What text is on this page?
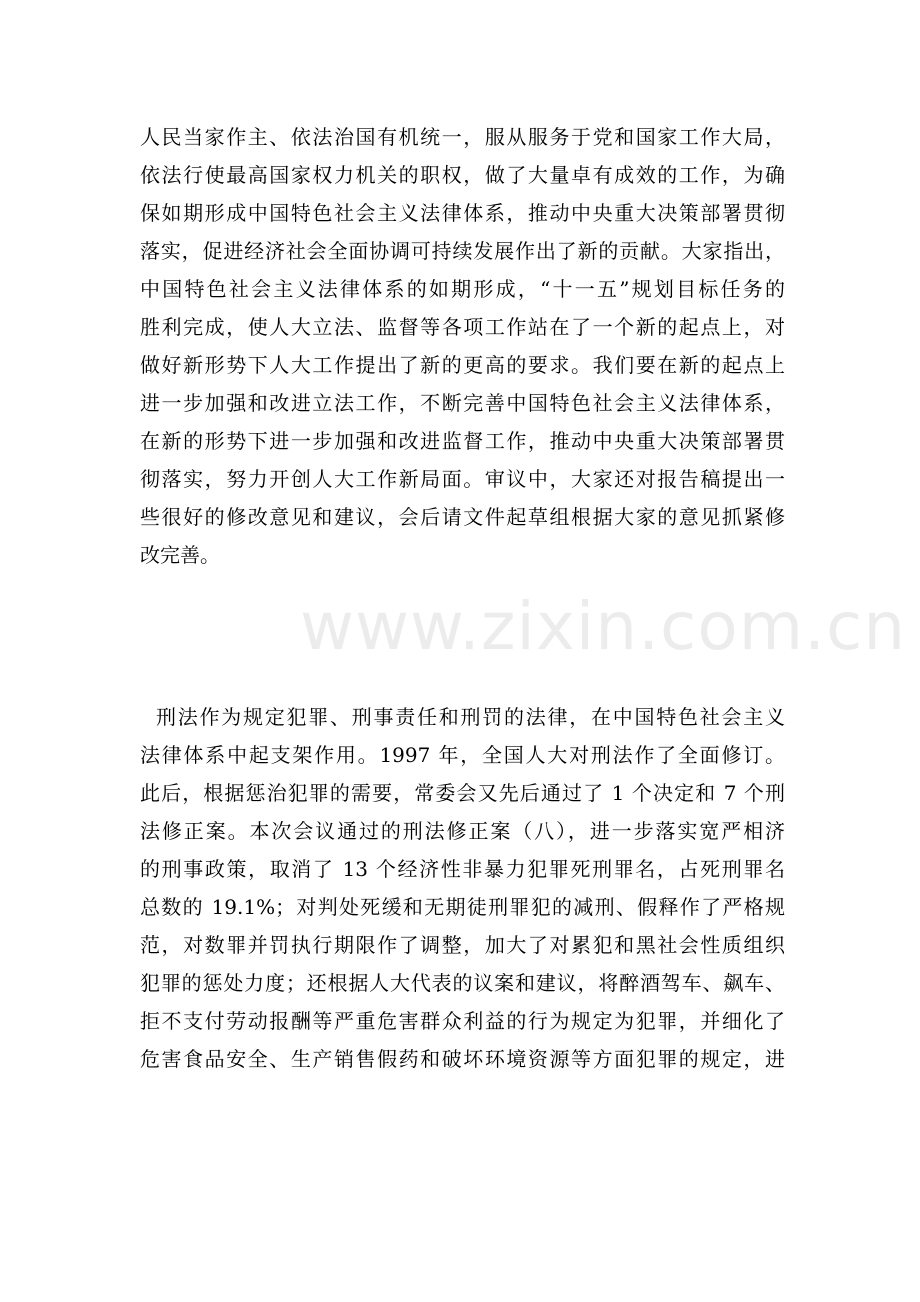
www.zixin.com.cn
人民当家作主、依法治国有机统一，服从服务于党和国家工作大局，
依法行使最高国家权力机关的职权，做了大量卓有成效的工作，为确
保如期形成中国特色社会主义法律体系，推动中央重大决策部署贯彻
落实，促进经济社会全面协调可持续发展作出了新的贡献。大家指出，
中国特色社会主义法律体系的如期形成，“十一五”规划目标任务的
胜利完成，使人大立法、监督等各项工作站在了一个新的起点上，对
做好新形势下人大工作提出了新的更高的要求。我们要在新的起点上
进一步加强和改进立法工作，不断完善中国特色社会主义法律体系，
在新的形势下进一步加强和改进监督工作，推动中央重大决策部署贯
彻落实，努力开创人大工作新局面。审议中，大家还对报告稿提出一
些很好的修改意见和建议，会后请文件起草组根据大家的意见抓紧修
改完善。
刑法作为规定犯罪、刑事责任和刑罚的法律，在中国特色社会主义
法律体系中起支架作用。1997 年，全国人大对刑法作了全面修订。
此后，根据惩治犯罪的需要，常委会又先后通过了 1 个决定和 7 个刑
法修正案。本次会议通过的刑法修正案（八），进一步落实宽严相济
的刑事政策，取消了 13 个经济性非暴力犯罪死刑罪名，占死刑罪名
总数的 19.1%；对判处死缓和无期徒刑罪犯的减刑、假释作了严格规
范，对数罪并罚执行期限作了调整，加大了对累犯和黑社会性质组织
犯罪的惩处力度；还根据人大代表的议案和建议，将醉酒驾车、飙车、
拒不支付劳动报酬等严重危害群众利益的行为规定为犯罪，并细化了
危害食品安全、生产销售假药和破坏环境资源等方面犯罪的规定，进
